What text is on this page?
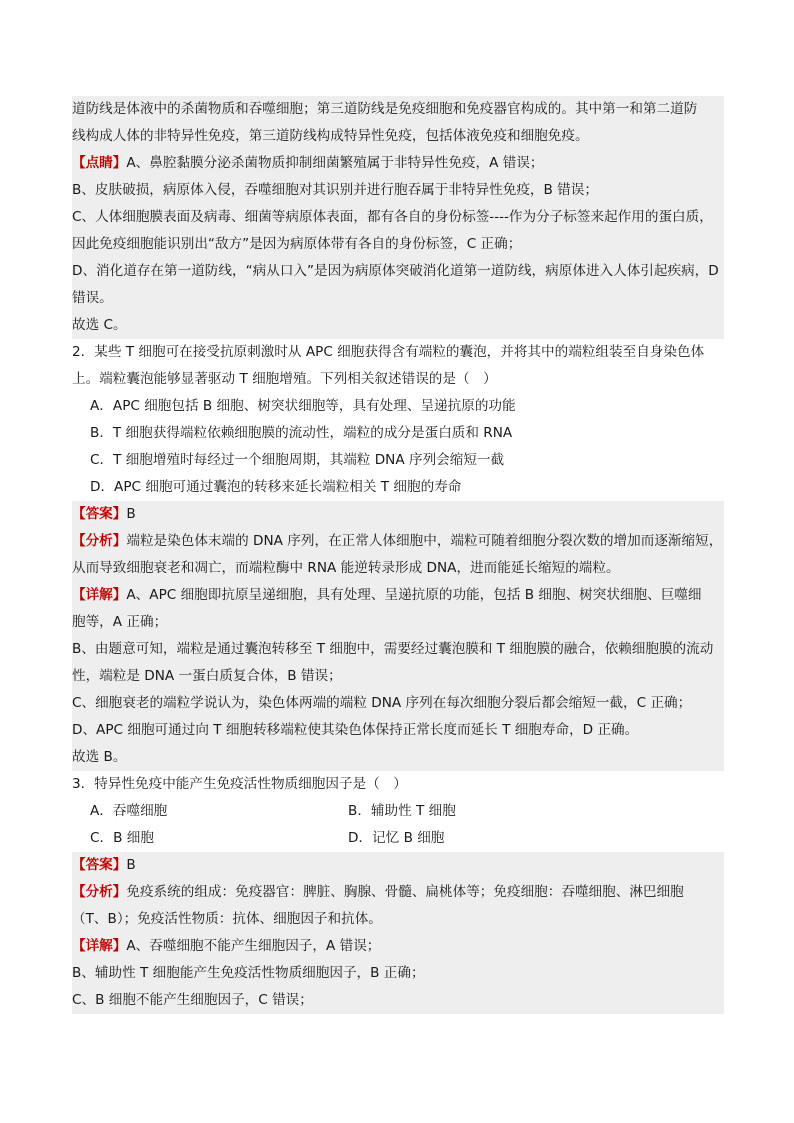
道防线是体液中的杀菌物质和吞噬细胞；第三道防线是免疫细胞和免疫器官构成的。其中第一和第二道防
线构成人体的非特异性免疫，第三道防线构成特异性免疫，包括体液免疫和细胞免疫。
【点睛】A、鼻腔黏膜分泌杀菌物质抑制细菌繁殖属于非特异性免疫，A 错误；
B、皮肤破损，病原体入侵，吞噬细胞对其识别并进行胞吞属于非特异性免疫，B 错误；
C、人体细胞膜表面及病毒、细菌等病原体表面，都有各自的身份标签----作为分子标签来起作用的蛋白质，
因此免疫细胞能识别出“敌方”是因为病原体带有各自的身份标签，C 正确；
D、消化道存在第一道防线，“病从口入”是因为病原体突破消化道第一道防线，病原体进入人体引起疾病，D
错误。
故选 C。
2．某些 T 细胞可在接受抗原刺激时从 APC 细胞获得含有端粒的囊泡，并将其中的端粒组装至自身染色体
上。端粒囊泡能够显著驱动 T 细胞增殖。下列相关叙述错误的是（　）
A．APC 细胞包括 B 细胞、树突状细胞等，具有处理、呈递抗原的功能
B．T 细胞获得端粒依赖细胞膜的流动性，端粒的成分是蛋白质和 RNA
C．T 细胞增殖时每经过一个细胞周期，其端粒 DNA 序列会缩短一截
D．APC 细胞可通过囊泡的转移来延长端粒相关 T 细胞的寿命
【答案】B
【分析】端粒是染色体末端的 DNA 序列，在正常人体细胞中，端粒可随着细胞分裂次数的增加而逐渐缩短，
从而导致细胞衰老和凋亡，而端粒酶中 RNA 能逆转录形成 DNA，进而能延长缩短的端粒。
【详解】A、APC 细胞即抗原呈递细胞，具有处理、呈递抗原的功能，包括 B 细胞、树突状细胞、巨噬细
胞等，A 正确；
B、由题意可知，端粒是通过囊泡转移至 T 细胞中，需要经过囊泡膜和 T 细胞膜的融合，依赖细胞膜的流动
性，端粒是 DNA 一蛋白质复合体，B 错误；
C、细胞衰老的端粒学说认为，染色体两端的端粒 DNA 序列在每次细胞分裂后都会缩短一截，C 正确；
D、APC 细胞可通过向 T 细胞转移端粒使其染色体保持正常长度而延长 T 细胞寿命，D 正确。
故选 B。
3．特异性免疫中能产生免疫活性物质细胞因子是（　）
A．吞噬细胞	B．辅助性 T 细胞
C．B 细胞	D．记忆 B 细胞
【答案】B
【分析】免疫系统的组成：免疫器官：脾脏、胸腺、骨髓、扁桃体等；免疫细胞：吞噬细胞、淋巴细胞
（T、B）；免疫活性物质：抗体、细胞因子和抗体。
【详解】A、吞噬细胞不能产生细胞因子，A 错误；
B、辅助性 T 细胞能产生免疫活性物质细胞因子，B 正确；
C、B 细胞不能产生细胞因子，C 错误；
